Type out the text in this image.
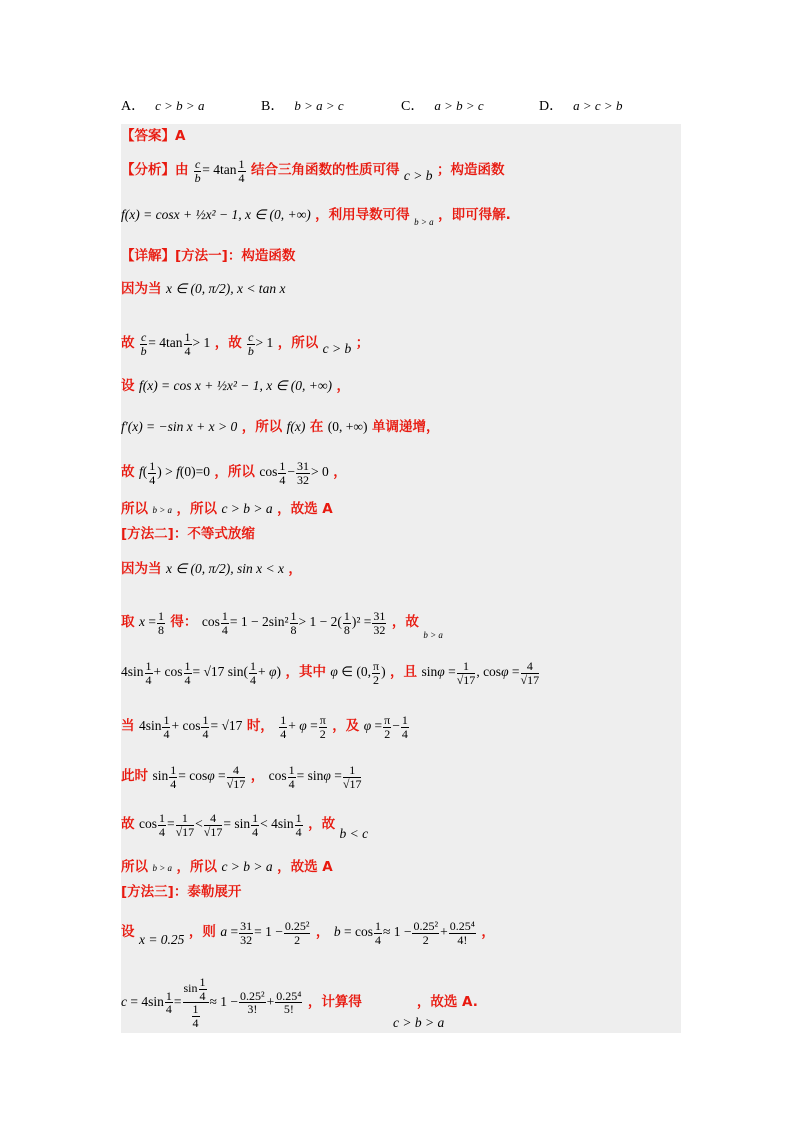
A． c > b > a	B． b > a > c	C． a > b > c	D． a > c > b
【答案】A
【分析】由 $\frac{c}{b} = 4\tan \frac{1}{4}$ 结合三角函数的性质可得 c > b ；构造函数
f(x) = cosx + ½x² − 1, x ∈ (0, +∞) ，利用导数可得 $_{b > a}$ ，即可得解.
【详解】[方法一]：构造函数
因为当 x ∈ (0, π/2), x < tan x
故 $\frac{c}{b} = 4\tan \frac{1}{4} > 1$ ，故 $\frac{c}{b} > 1$ ，所以 c > b ；
设 f(x) = cos x + ½x² − 1, x ∈ (0, +∞) ，
f′(x) = −sin x + x > 0 ，所以 f(x) 在 (0, +∞) 单调递增，
故 $f( \frac{1}{4}$ ) > f(0)=0 ，所以 $\cos \frac{1}{4} - \frac{31}{32} > 0$ ，
所以 b > a ，所以 c > b > a ，故选 A
[方法二]：不等式放缩
因为当 x ∈ (0, π/2), sin x < x ，
取 $x = \frac{1}{8}$ 得： $\cos \frac{1}{4} = 1 - 2\sin^2 \frac{1}{8} > 1 - 2( \frac{1}{8} )^2 = \frac{31}{32}$ ，故 $_{b > a}$
$4\sin \frac{1}{4} + \cos \frac{1}{4} = √17$ $\sin( \frac{1}{4} + \varphi)$ ，其中 φ ∈ (0, $\frac{\pi}{2}$ ) ，且 $\sin\varphi = \frac{1}{√17}$ , $\cos\varphi = \frac{4}{√17}$
当 $4\sin \frac{1}{4} + \cos \frac{1}{4} = √17$ 时， $\frac{1}{4} + \varphi = \frac{\pi}{2}$ ，及 $\varphi = \frac{\pi}{2} - \frac{1}{4}$
此时 $\sin \frac{1}{4} = \cos\varphi = \frac{4}{√17}$ ， $\cos \frac{1}{4} = \sin\varphi = \frac{1}{√17}$
故 $\cos \frac{1}{4} = \frac{1}{√17} < \frac{4}{√17} = \sin \frac{1}{4} < 4\sin \frac{1}{4}$ ，故 b < c
所以 b > a ，所以 c > b > a ，故选 A
[方法三]：泰勒展开
设 x = 0.25 ，则 $a = \frac{31}{32} = 1 - \frac{\text{0.25²}}{2}$ ， $b = \cos \frac{1}{4} \approx 1 - \frac{\text{0.25²}}{2} + \frac{\text{0.25⁴}}{4!}$ ，
$c = 4\sin \frac{1}{4} = \frac{\sin \frac{1}{4}}{\frac{1}{4}} \approx 1 - \frac{\text{0.25²}}{3!} + \frac{\text{0.25⁴}}{5!}$ ，计算得	，故选 A.
c > b > a
